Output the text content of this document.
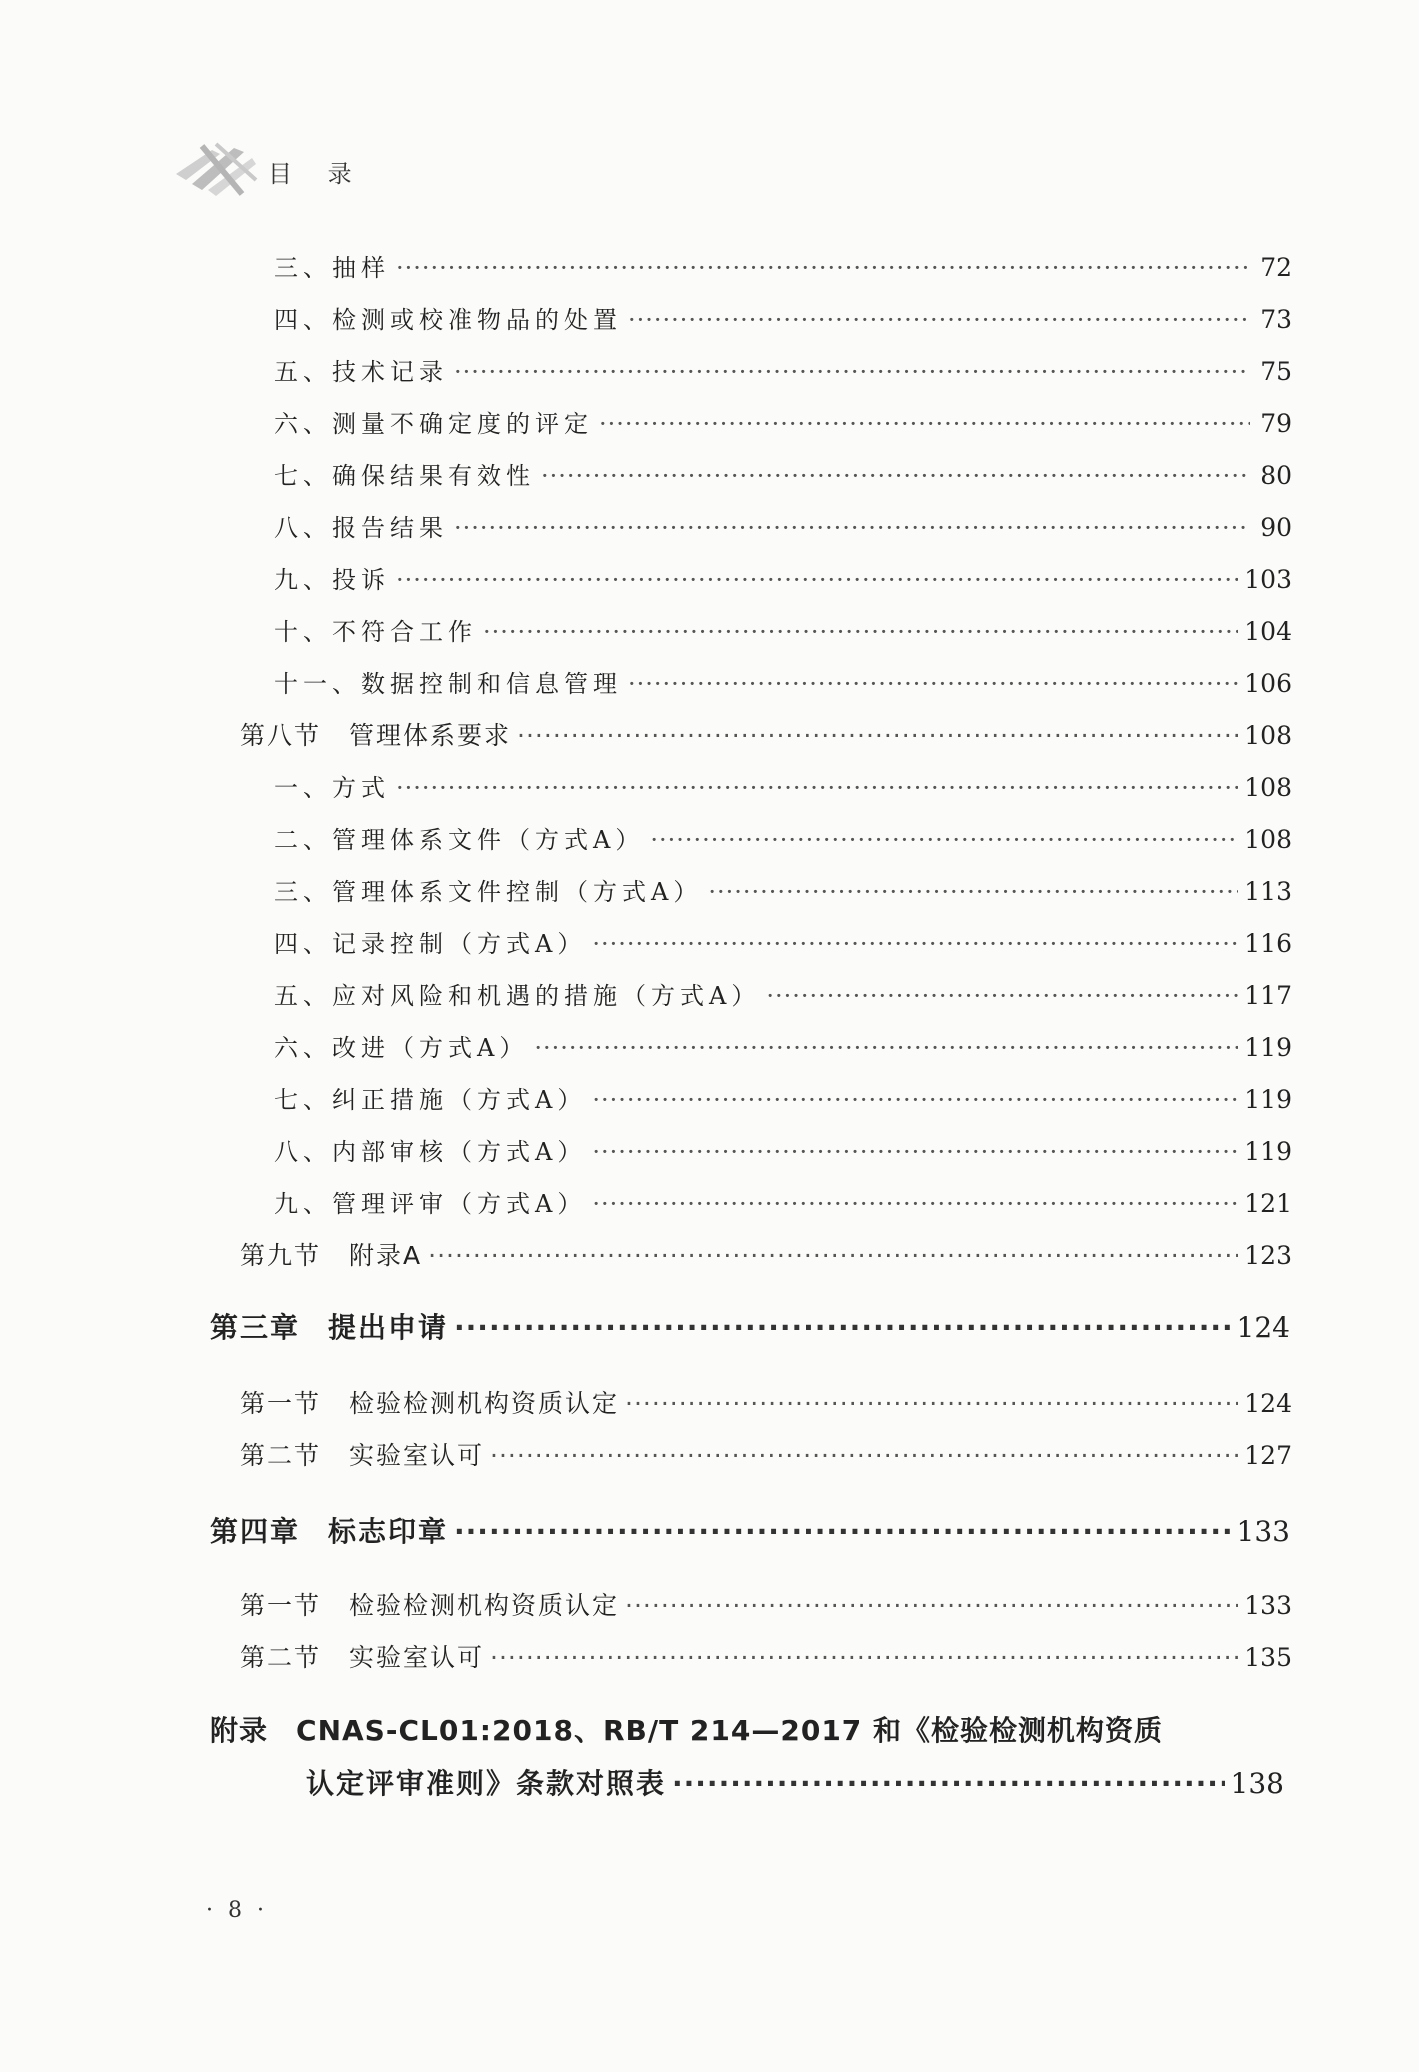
目 录
三、抽样 ·····	72
四、检测或校准物品的处置 ·····	73
五、技术记录 ·····	75
六、测量不确定度的评定 ·····	79
七、确保结果有效性 ·····	80
八、报告结果 ·····	90
九、投诉 ·····	103
十、不符合工作 ·····	104
十一、数据控制和信息管理 ·····	106
第八节 管理体系要求 ·····	108
一、方式 ·····	108
二、管理体系文件（方式A） ·····	108
三、管理体系文件控制（方式A） ·····	113
四、记录控制（方式A） ·····	116
五、应对风险和机遇的措施（方式A） ·····	117
六、改进（方式A） ·····	119
七、纠正措施（方式A） ·····	119
八、内部审核（方式A） ·····	119
九、管理评审（方式A） ·····	121
第九节 附录A ·····	123
第三章 提出申请 ·····	124
第一节 检验检测机构资质认定 ·····	124
第二节 实验室认可 ·····	127
第四章 标志印章 ·····	133
第一节 检验检测机构资质认定 ·····	133
第二节 实验室认可 ·····	135
附录 CNAS-CL01:2018、RB/T 214—2017 和《检验检测机构资质
认定评审准则》条款对照表 ·····	138
· 8 ·
